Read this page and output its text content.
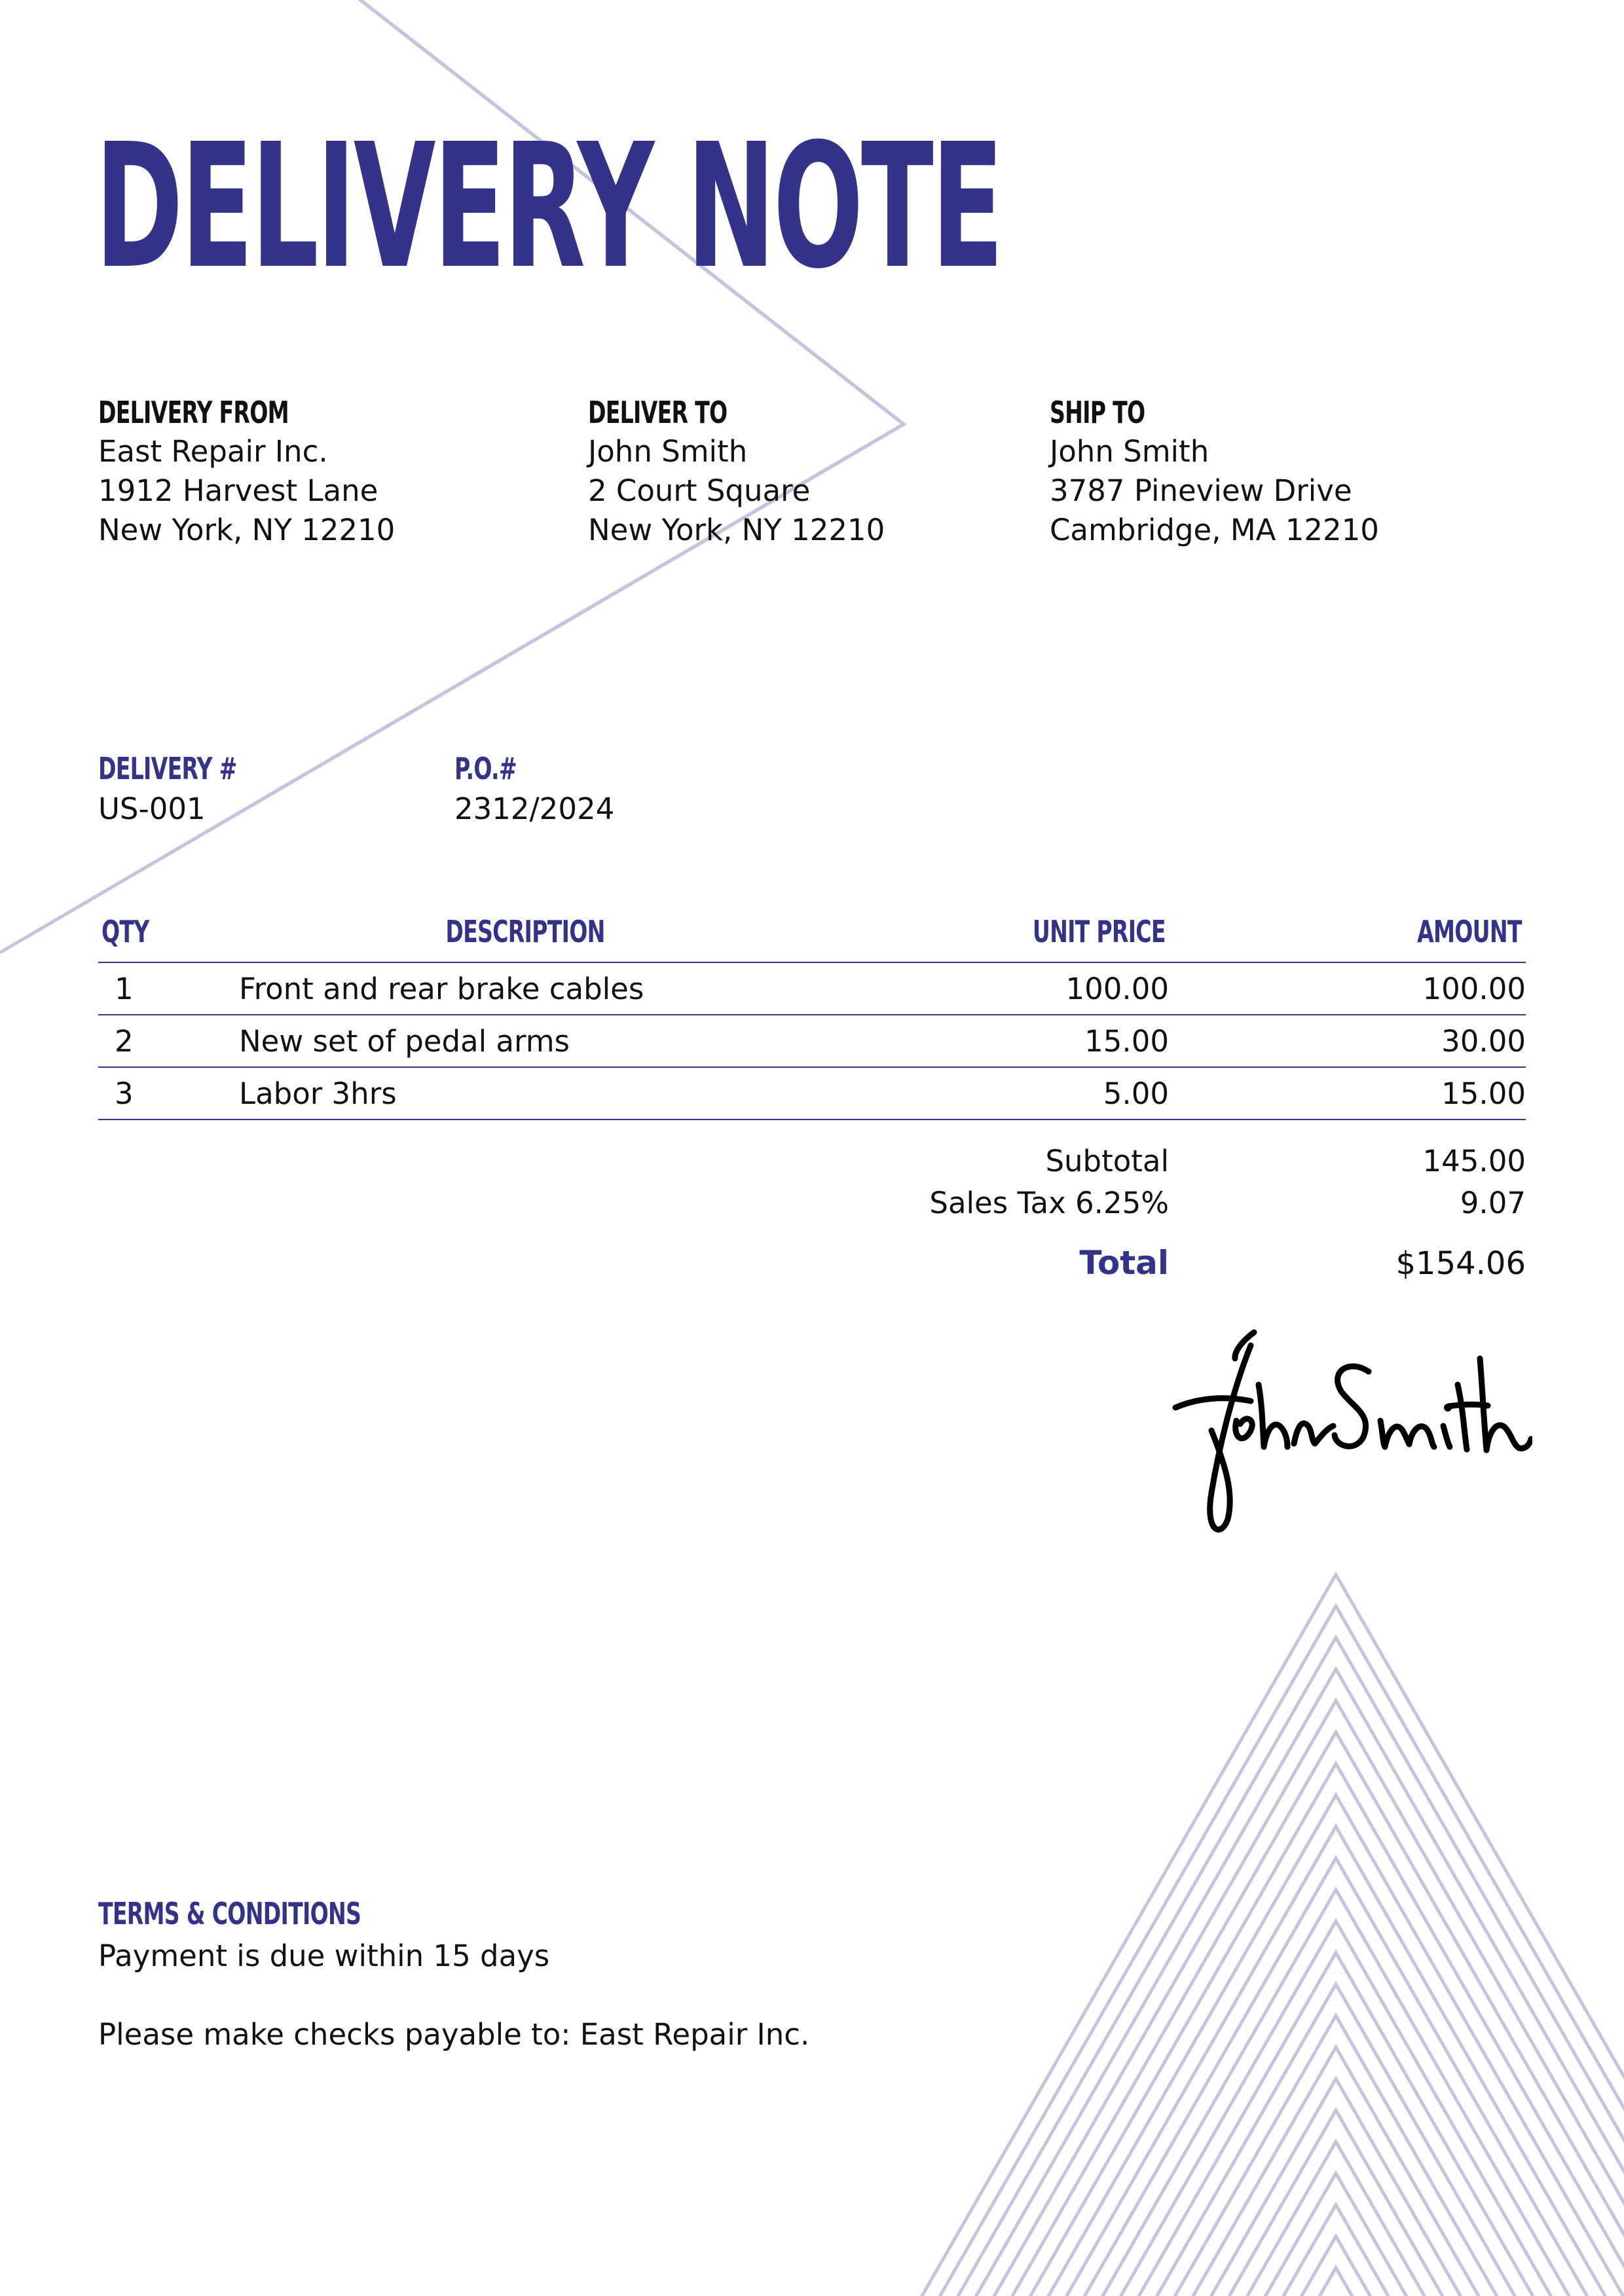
DELIVERY NOTE
DELIVERY FROM
East Repair Inc.
1912 Harvest Lane
New York, NY 12210
DELIVER TO
John Smith
2 Court Square
New York, NY 12210
SHIP TO
John Smith
3787 Pineview Drive
Cambridge, MA 12210
DELIVERY #
US-001
P.O.#
2312/2024
QTY	DESCRIPTION	UNIT PRICE	AMOUNT
1	Front and rear brake cables	100.00	100.00
2	New set of pedal arms	15.00	30.00
3	Labor 3hrs	5.00	15.00
Subtotal	145.00
Sales Tax 6.25%	9.07
Total	$154.06
TERMS & CONDITIONS
Payment is due within 15 days
Please make checks payable to: East Repair Inc.
